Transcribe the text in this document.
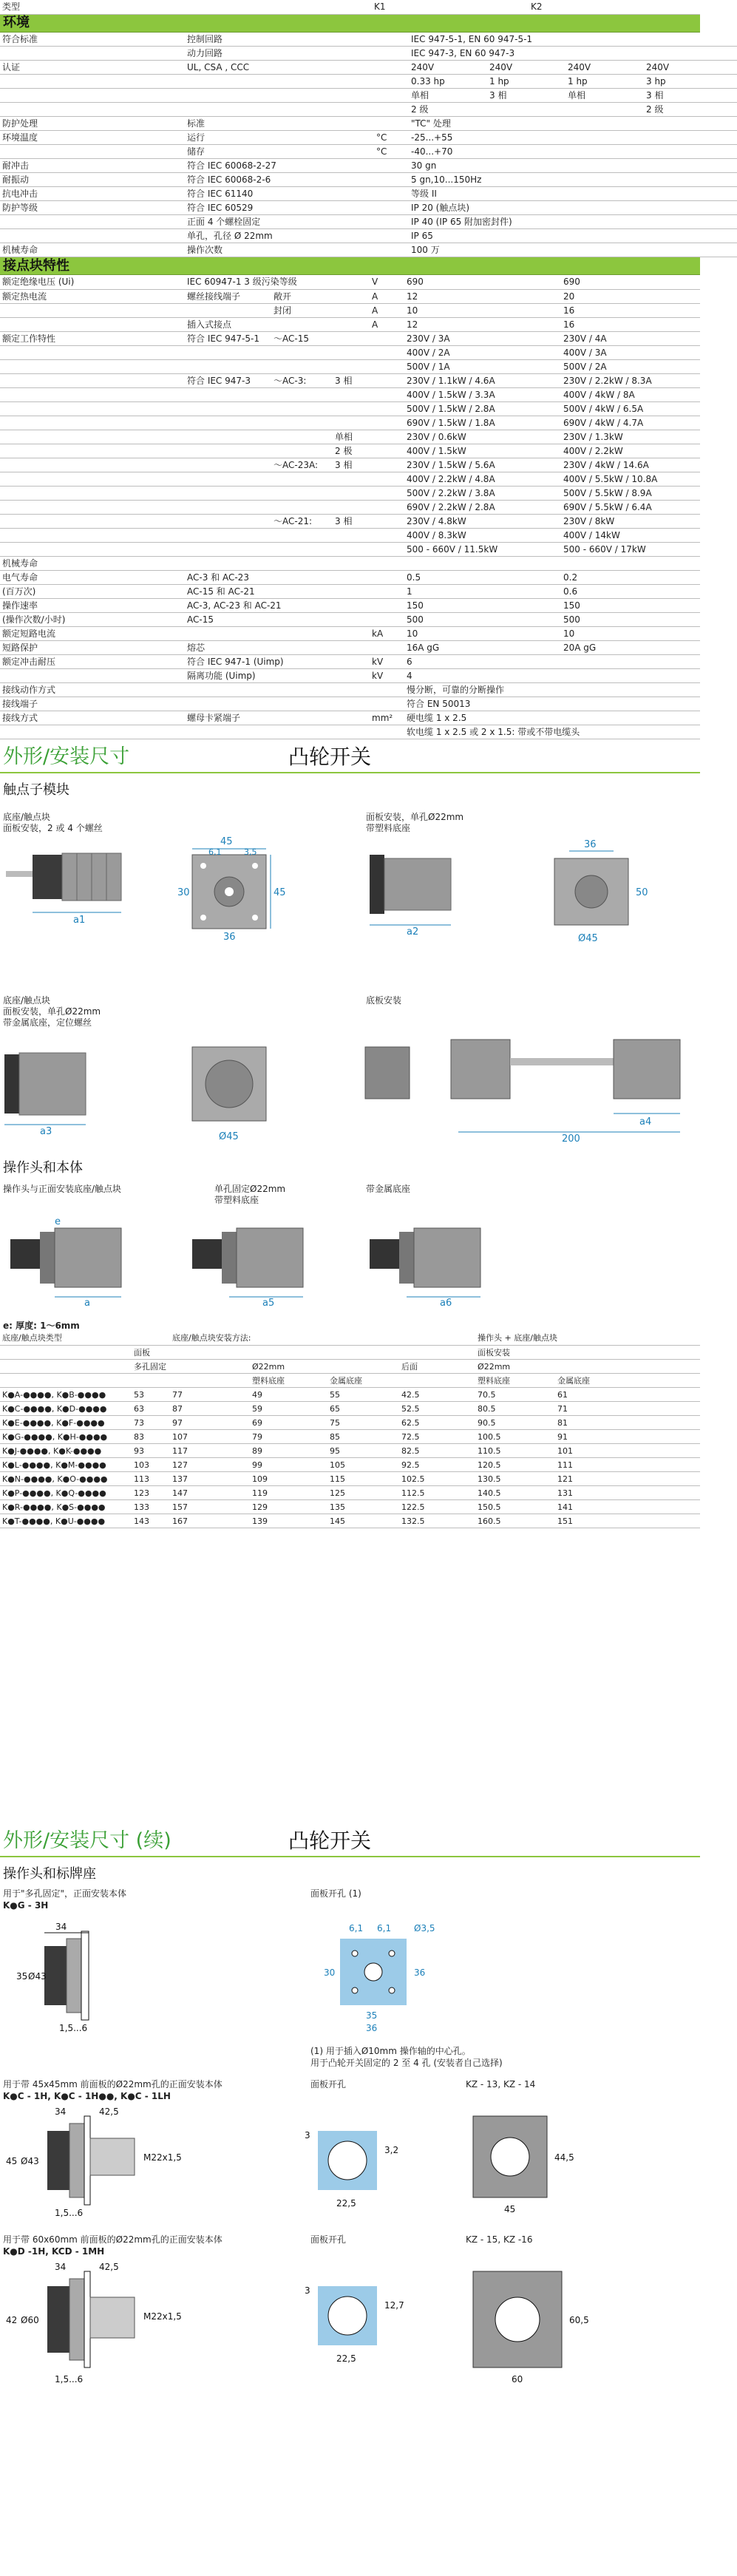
类型					K1		K2	
环境
符合标准	控制回路				IEC 947-5-1, EN 60 947-5-1			
	动力回路				IEC 947-3, EN 60 947-3			
认证	UL, CSA , CCC				240V	240V	240V	240V
					0.33 hp	1 hp	1 hp	3 hp
					单相	3 相	单相	3 相
					2 级			2 级
防护处理	标准				"TC" 处理			
环境温度	运行			°C	-25...+55			
	储存			°C	-40...+70			
耐冲击	符合 IEC 60068-2-27				30 gn			
耐振动	符合 IEC 60068-2-6				5 gn,10...150Hz			
抗电冲击	符合 IEC 61140				等级 II			
防护等级	符合 IEC 60529				IP 20 (触点块)			
	正面 4 个螺栓固定				IP 40 (IP 65 附加密封件)			
	单孔，孔径 Ø 22mm				IP 65			
机械寿命	操作次数				100 万			
接点块特性
额定绝缘电压 (Ui)	IEC 60947-1 3 级污染等级			V	690	690
额定热电流	螺丝接线端子	敞开		A	12	20
		封闭		A	10	16
	插入式接点			A	12	16
额定工作特性	符合 IEC 947-5-1	～AC-15			230V / 3A	230V / 4A
					400V / 2A	400V / 3A
					500V / 1A	500V / 2A
	符合 IEC 947-3	～AC-3:	3 相		230V / 1.1kW / 4.6A	230V / 2.2kW / 8.3A
					400V / 1.5kW / 3.3A	400V / 4kW / 8A
					500V / 1.5kW / 2.8A	500V / 4kW / 6.5A
					690V / 1.5kW / 1.8A	690V / 4kW / 4.7A
			单相		230V / 0.6kW	230V / 1.3kW
			2 极		400V / 1.5kW	400V / 2.2kW
		～AC-23A:	3 相		230V / 1.5kW / 5.6A	230V / 4kW / 14.6A
					400V / 2.2kW / 4.8A	400V / 5.5kW / 10.8A
					500V / 2.2kW / 3.8A	500V / 5.5kW / 8.9A
					690V / 2.2kW / 2.8A	690V / 5.5kW / 6.4A
		～AC-21:	3 相		230V / 4.8kW	230V / 8kW
					400V / 8.3kW	400V / 14kW
					500 - 660V / 11.5kW	500 - 660V / 17kW
机械寿命						
电气寿命	AC-3 和 AC-23				0.5	0.2
(百万次)	AC-15 和 AC-21				1	0.6
操作速率	AC-3, AC-23 和 AC-21				150	150
(操作次数/小时)	AC-15				500	500
额定短路电流				kA	10	10
短路保护	熔芯				16A gG	20A gG
额定冲击耐压	符合 IEC 947-1 (Uimp)			kV	6	
	隔离功能 (Uimp)			kV	4	
接线动作方式					慢分断，可靠的分断操作	
接线端子					符合 EN 50013	
接线方式	螺母卡紧端子			mm²	硬电缆 1 x 2.5	
					软电缆 1 x 2.5 或 2 x 1.5: 带或不带电缆头	
外形/安装尺寸	凸轮开关
触点子模块
底座/触点块
面板安装，2 或 4 个螺丝
面板安装，单孔Ø22mm
带塑料底座
底座/触点块
面板安装，单孔Ø22mm
带金属底座，定位螺丝
底板安装
a1
45
6,1	3,5
30	45
36	a2
36
50
Ø45
a3	Ø45
a4
200
操作头和本体
操作头与正面安装底座/触点块	单孔固定Ø22mm
带塑料底座
带金属底座
e
a	a5	a6
e: 厚度: 1～6mm
底座/触点块类型		底座/触点块安装方法:				操作头 + 底座/触点块	
	面板					面板安装	
	多孔固定		Ø22mm		后面	Ø22mm	
			塑料底座	金属底座		塑料底座	金属底座
K●A-●●●●, K●B-●●●●	53	77	49	55	42.5	70.5	61
K●C-●●●●, K●D-●●●●	63	87	59	65	52.5	80.5	71
K●E-●●●●, K●F-●●●●	73	97	69	75	62.5	90.5	81
K●G-●●●●, K●H-●●●●	83	107	79	85	72.5	100.5	91
K●J-●●●●, K●K-●●●●	93	117	89	95	82.5	110.5	101
K●L-●●●●, K●M-●●●●	103	127	99	105	92.5	120.5	111
K●N-●●●●, K●O-●●●●	113	137	109	115	102.5	130.5	121
K●P-●●●●, K●Q-●●●●	123	147	119	125	112.5	140.5	131
K●R-●●●●, K●S-●●●●	133	157	129	135	122.5	150.5	141
K●T-●●●●, K●U-●●●●	143	167	139	145	132.5	160.5	151
外形/安装尺寸 (续)	凸轮开关
操作头和标牌座
用于"多孔固定"，正面安装本体
K●G - 3H
面板开孔 (1)
34
35 Ø43
1,5...6
6,1 6,1	Ø3,5
30	36
35
36
(1) 用于插入Ø10mm 操作轴的中心孔。
用于凸轮开关固定的 2 至 4 孔 (安装者自己选择)
用于带 45x45mm 前面板的Ø22mm孔的正面安装本体
K●C - 1H, K●C - 1H●●, K●C - 1LH
面板开孔	KZ - 13, KZ - 14
34	42,5
45 Ø43	M22x1,5
1,5...6
3
22,5
3,2
44,5
45
用于带 60x60mm 前面板的Ø22mm孔的正面安装本体
K●D -1H, KCD - 1MH
面板开孔	KZ - 15, KZ -16
34	42,5
42 Ø60	M22x1,5
1,5...6
3
22,5
12,7
60,5
60
